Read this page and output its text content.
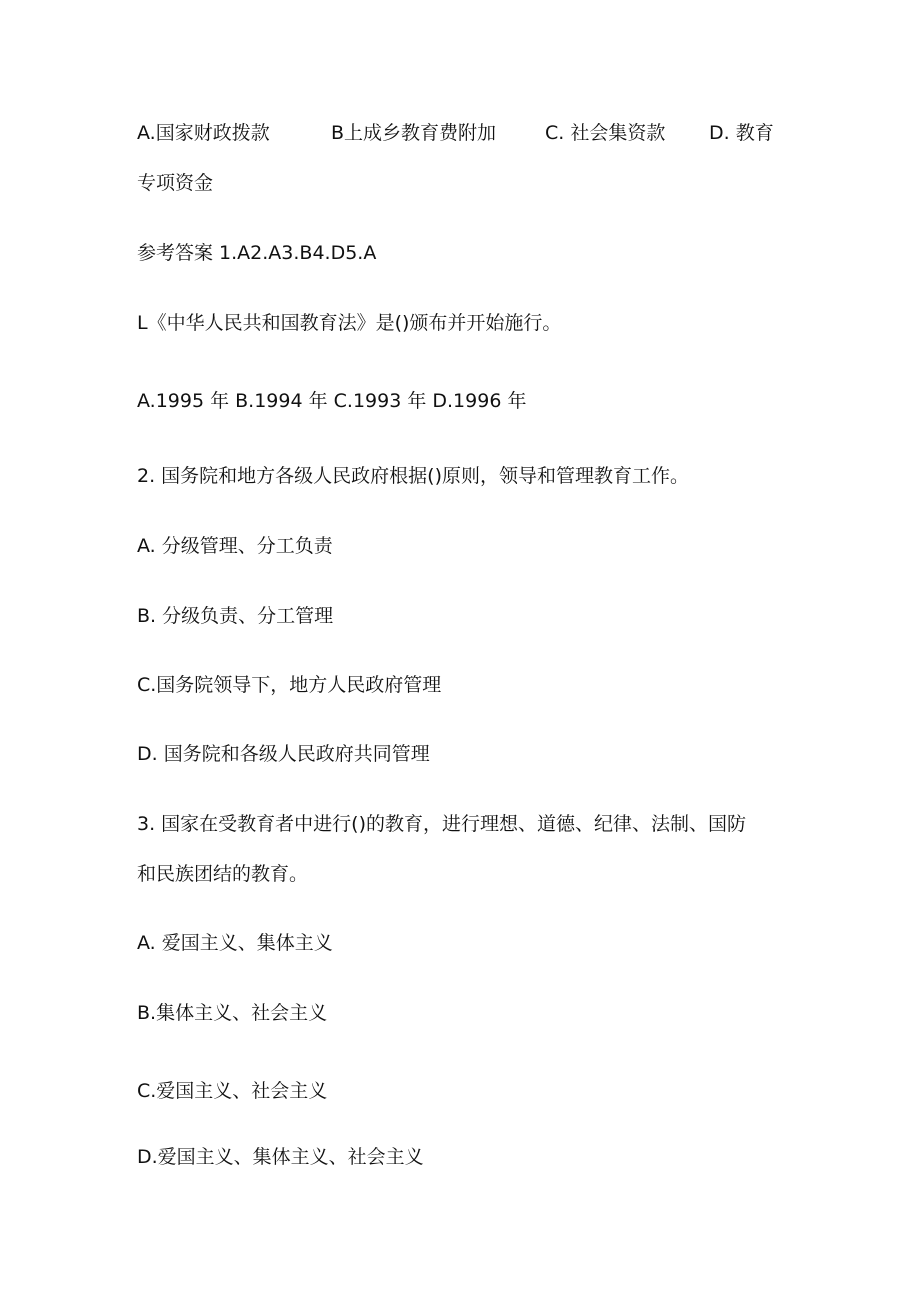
A.国家财政拨款	B上成乡教育费附加	C. 社会集资款 D. 教育
专项资金
参考答案 1.A2.A3.B4.D5.A
L《中华人民共和国教育法》是()颁布并开始施行。
A.1995 年 B.1994 年 C.1993 年 D.1996 年
2. 国务院和地方各级人民政府根据()原则，领导和管理教育工作。
A. 分级管理、分工负责
B. 分级负责、分工管理
C.国务院领导下，地方人民政府管理
D. 国务院和各级人民政府共同管理
3. 国家在受教育者中进行()的教育，进行理想、道德、纪律、法制、国防
和民族团结的教育。
A. 爱国主义、集体主义
B.集体主义、社会主义
C.爱国主义、社会主义
D.爱国主义、集体主义、社会主义
